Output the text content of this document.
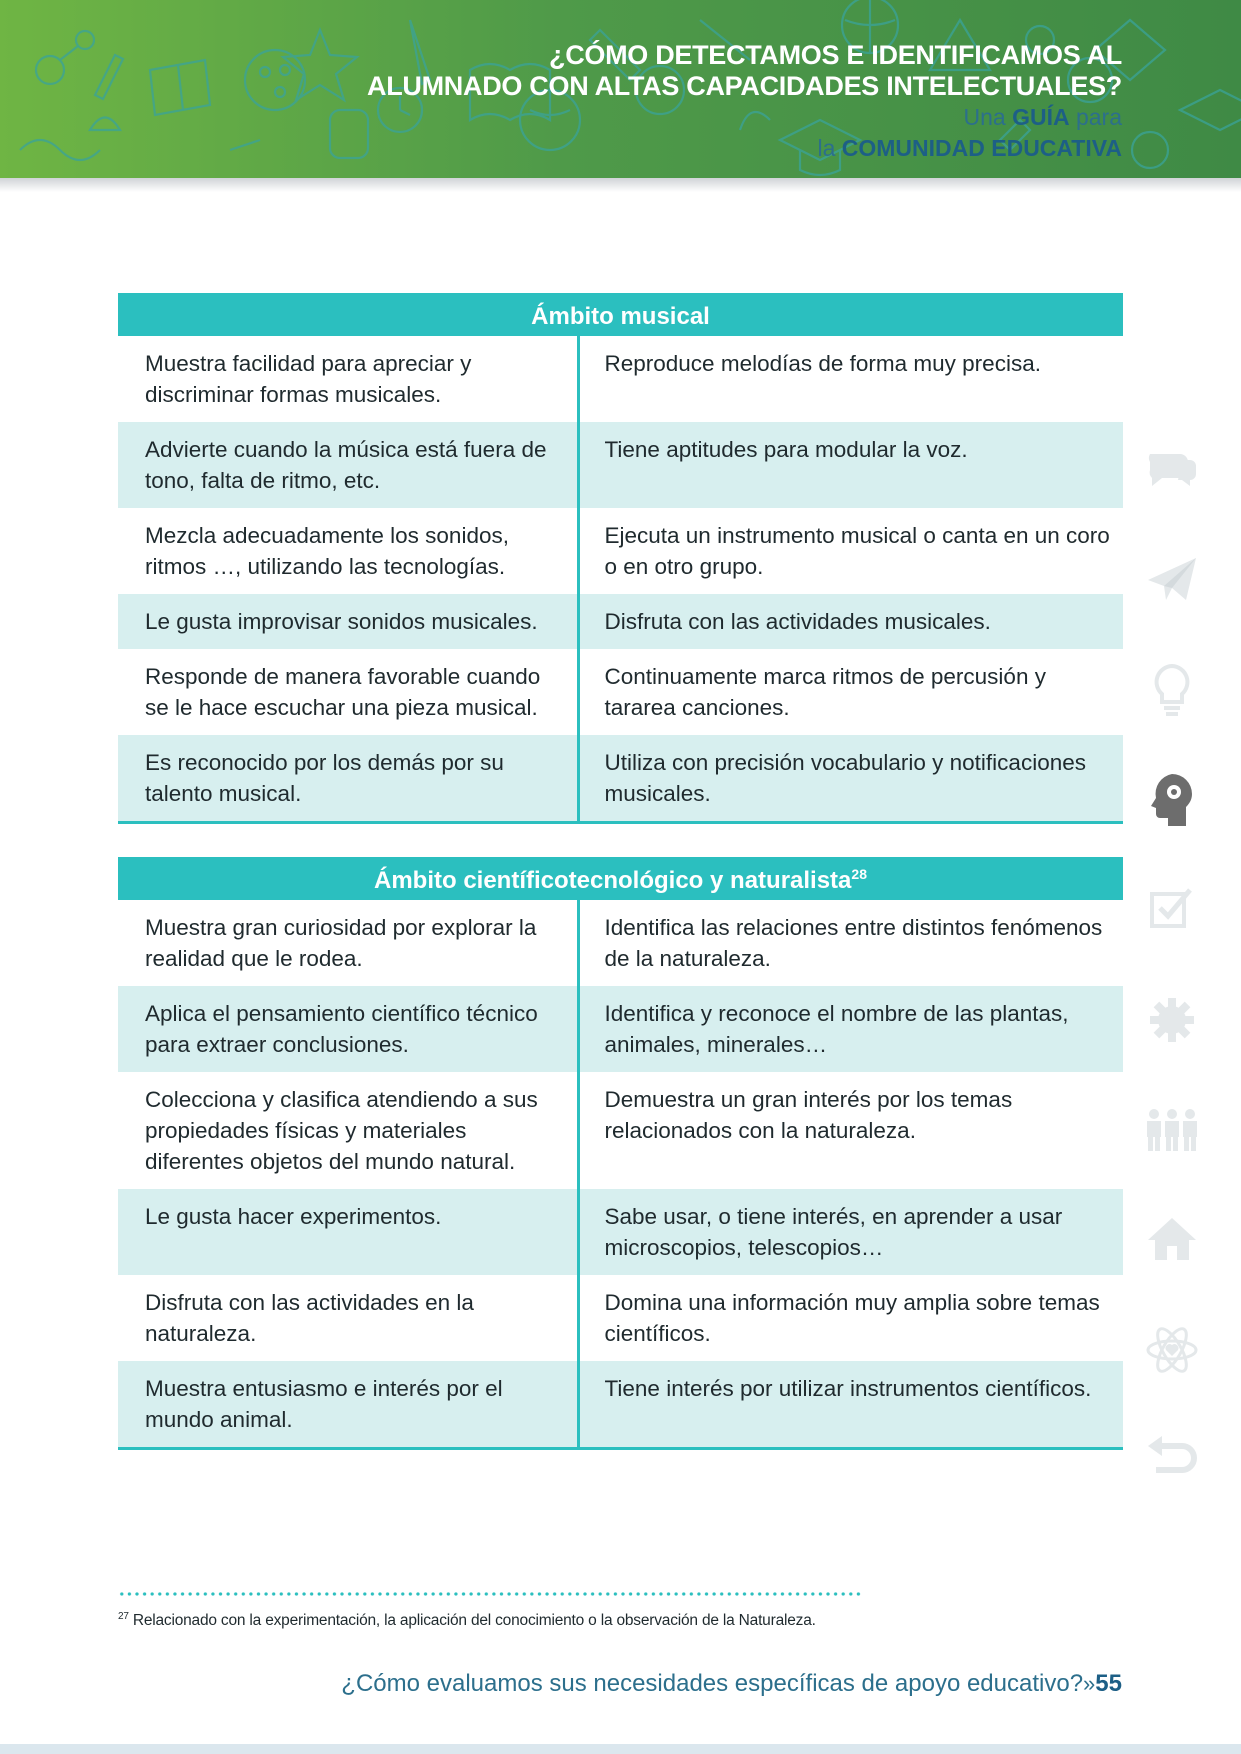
¿CÓMO DETECTAMOS E IDENTIFICAMOS AL
ALUMNADO CON ALTAS CAPACIDADES INTELECTUALES?
Una GUÍA para
la COMUNIDAD EDUCATIVA
Ámbito musical	
Muestra facilidad para apreciar y discriminar formas musicales.	Reproduce melodías de forma muy precisa.
Advierte cuando la música está fuera de tono, falta de ritmo, etc.	Tiene aptitudes para modular la voz.
Mezcla adecuadamente los sonidos, ritmos …, utilizando las tecnologías.	Ejecuta un instrumento musical o canta en un coro o en otro grupo.
Le gusta improvisar sonidos musicales.	Disfruta con las actividades musicales.
Responde de manera favorable cuando se le hace escuchar una pieza musical.	Continuamente marca ritmos de percusión y tararea canciones.
Es reconocido por los demás por su talento musical.	Utiliza con precisión vocabulario y notificaciones musicales.
Ámbito científicotecnológico y naturalista$^{28}$
Muestra gran curiosidad por explorar la realidad que le rodea.	Identifica las relaciones entre distintos fenómenos de la naturaleza.
Aplica el pensamiento científico técnico para extraer conclusiones.	Identifica y reconoce el nombre de las plantas, animales, minerales…
Colecciona y clasifica atendiendo a sus propiedades físicas y materiales diferentes objetos del mundo natural.	Demuestra un gran interés por los temas relacionados con la naturaleza.
Le gusta hacer experimentos.	Sabe usar, o tiene interés, en aprender a usar microscopios, telescopios…
Disfruta con las actividades en la naturaleza.	Domina una información muy amplia sobre temas científicos.
Muestra entusiasmo e interés por el mundo animal.	Tiene interés por utilizar instrumentos científicos.
$^{27}$ Relacionado con la experimentación, la aplicación del conocimiento o la observación de la Naturaleza.
¿Cómo evaluamos sus necesidades específicas de apoyo educativo?»55
